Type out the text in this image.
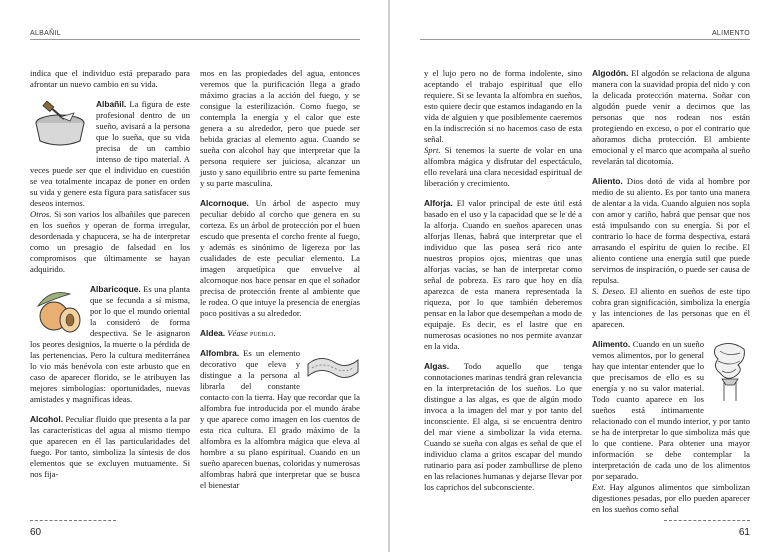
ALBAÑIL

indica que el individuo está preparado para afrontar un nuevo cambio en su vida.

Albañil. La figura de este profesional dentro de un sueño, avisará a la persona que lo sueña, que su vida precisa de un cambio intenso de tipo material. A veces puede ser que el individuo en cuestión se vea totalmente incapaz de poner en orden su vida y genere esta figura para satisfacer sus deseos internos.

Otros. Si son varios los albañiles que parecen en los sueños y operan de forma irregular, desordenada y chapucera, se ha de interpretar como un presagio de falsedad en los compromisos que últimamente se hayan adquirido.

Albaricoque. Es una planta que se fecunda a sí misma, por lo que el mundo oriental la consideró de forma despectiva. Se le asignaron los peores designios, la muerte o la pérdida de las pertenencias. Pero la cultura mediterránea lo vio más benévola con este arbusto que en caso de aparecer florido, se le atribuyen las mejores simbologías: oportunidades, nuevas amistades y magníficas ideas.

Alcohol. Peculiar fluido que presenta a la par las características del agua al mismo tiempo que aparecen en él las particularidades del fuego. Por tanto, simboliza la síntesis de dos elementos que se excluyen mutuamente. Si nos fija-

mos en las propiedades del agua, entonces veremos que la purificación llega a grado máximo gracias a la acción del fuego, y se consigue la esterilización. Como fuego, se contempla la energía y el calor que este genera a su alrededor, pero que puede ser bebida gracias al elemento agua. Cuando se sueña con alcohol hay que interpretar que la persona requiere ser juiciosa, alcanzar un justo y sano equilibrio entre su parte femenina y su parte masculina.

Alcornoque. Un árbol de aspecto muy peculiar debido al corcho que genera en su corteza. Es un árbol de protección por el buen escudo que presenta el corcho frente al fuego, y además es sinónimo de ligereza por las cualidades de este peculiar elemento. La imagen arquetípica que envuelve al alcornoque nos hace pensar en que el soñador precisa de protección frente al ambiente que le rodea. O que intuye la presencia de energías poco positivas a su alrededor.

Aldea. Véase pueblo.

Alfombra. Es un elemento decorativo que eleva y distingue a la persona al librarla del constante contacto con la tierra. Hay que recordar que la alfombra fue introducida por el mundo árabe y que aparece como imagen en los cuentos de esta rica cultura. El grado máximo de la alfombra es la alfombra mágica que eleva al hombre a su plano espiritual. Cuando en un sueño aparecen buenas, coloridas y numerosas alfombras habrá que interpretar que se busca el bienestar

60
ALIMENTO

y el lujo pero no de forma indolente, sino aceptando el trabajo espiritual que ello requiere. Si se levanta la alfombra en sueños, esto quiere decir que estamos indagando en la vida de alguien y que posiblemente caeremos en la indiscreción si no hacemos caso de esta señal.

Sprt. Si tenemos la suerte de volar en una alfombra mágica y disfrutar del espectáculo, ello revelará una clara necesidad espiritual de liberación y crecimiento.

Alforja. El valor principal de este útil está basado en el uso y la capacidad que se le dé a la alforja. Cuando en sueños aparecen unas alforjas llenas, habrá que interpretar que el individuo que las posea será rico ante nuestros propios ojos, mientras que unas alforjas vacías, se han de interpretar como señal de pobreza. Es raro que hoy en día aparezca de esta manera representada la riqueza, por lo que también deberemos pensar en la labor que desempeñan a modo de equipaje. Es decir, es el lastre que en numerosas ocasiones no nos permite avanzar en la vida.

Algas. Todo aquello que tenga connotaciones marinas tendrá gran relevancia en la interpretación de los sueños. Lo que distingue a las algas, es que de algún modo invoca a la imagen del mar y por tanto del inconsciente. El alga, si se encuentra dentro del mar viene a simbolizar la vida eterna. Cuando se sueña con algas es señal de que el individuo clama a gritos escapar del mundo rutinario para así poder zambullirse de pleno en las relaciones humanas y dejarse llevar por los caprichos del subconsciente.

Algodón. El algodón se relaciona de alguna manera con la suavidad propia del nido y con la delicada protección materna. Soñar con algodón puede venir a decirnos que las personas que nos rodean nos están protegiendo en exceso, o por el contrario que añoramos dicha protección. El ambiente emocional y el marco que acompaña al sueño revelarán tal dicotomía.

Aliento. Dios dotó de vida al hombre por medio de su aliento. Es por tanto una manera de alentar a la vida. Cuando alguien nos sopla con amor y cariño, habrá que pensar que nos está impulsando con su energía. Si por el contrario lo hace de forma despectiva, estará arrasando el espíritu de quien lo recibe. El aliento contiene una energía sutil que puede servirnos de inspiración, o puede ser causa de repulsa.

S. Deseo. El aliento en sueños de este tipo cobra gran significación, simboliza la energía y las intenciones de las personas que en él aparecen.

Alimento. Cuando en un sueño vemos alimentos, por lo general hay que intentar entender que lo que precisamos de ello es su energía y no su valor material. Todo cuanto aparece en los sueños está íntimamente relacionado con el mundo interior, y por tanto se ha de interpretar lo que simboliza más que lo que contiene. Para obtener una mayor información se debe contemplar la interpretación de cada uno de los alimentos por separado.

Ext. Hay algunos alimentos que simbolizan digestiones pesadas, por ello pueden aparecer en los sueños como señal

61
